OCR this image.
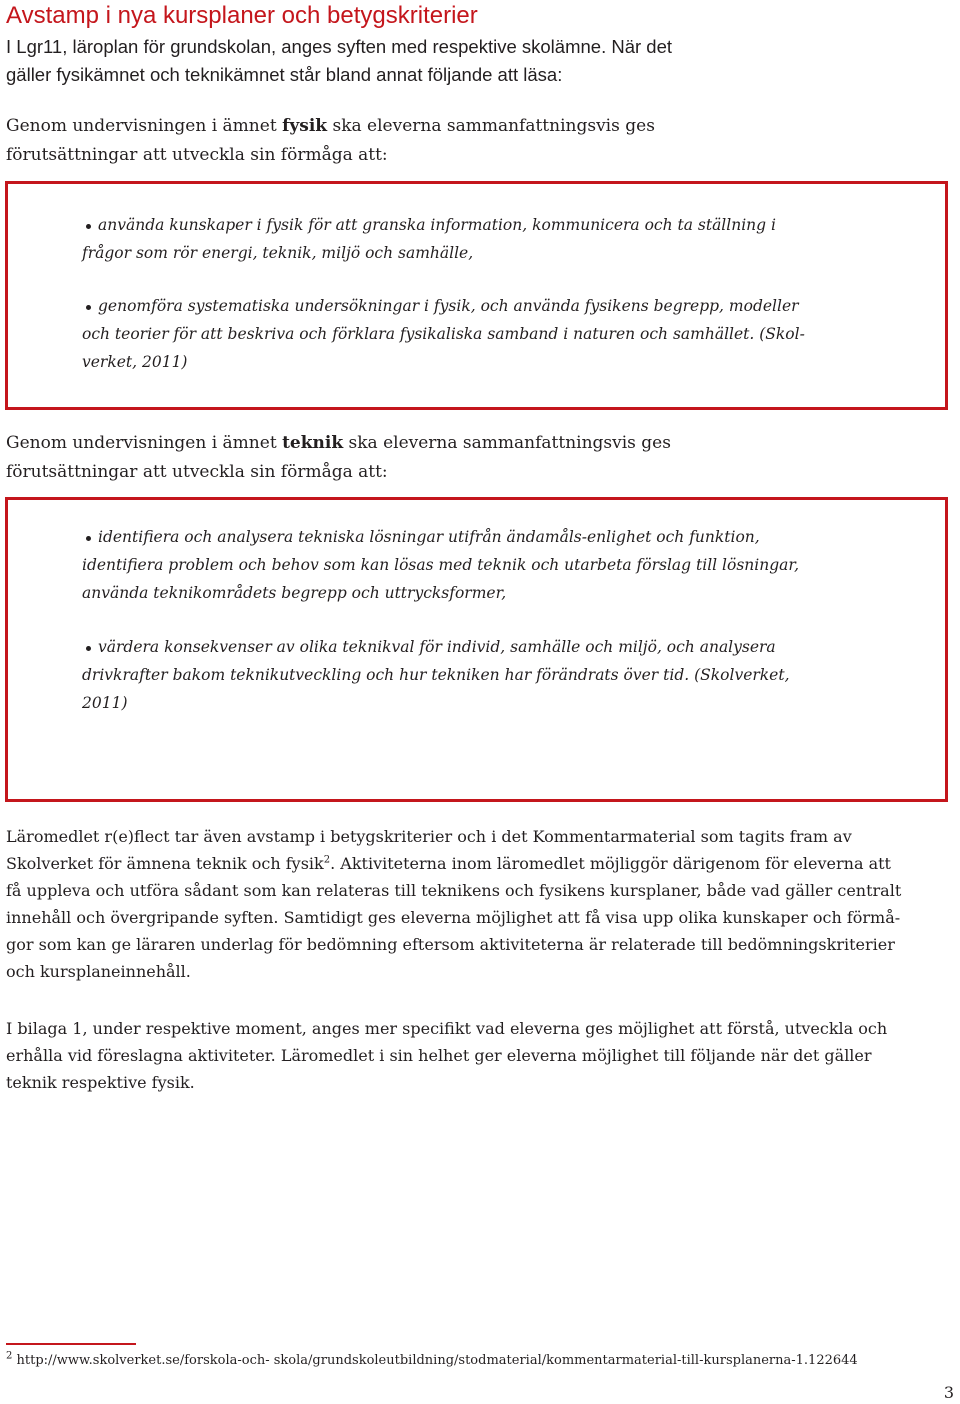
Avstamp i nya kursplaner och betygskriterier

I Lgr11, läroplan för grundskolan, anges syften med respektive skolämne. När det
gäller fysikämnet och teknikämnet står bland annat följande att läsa:

Genom undervisningen i ämnet fysik ska eleverna sammanfattningsvis ges
förutsättningar att utveckla sin förmåga att:

använda kunskaper i fysik för att granska information, kommunicera och ta ställning i
frågor som rör energi, teknik, miljö och samhälle,
genomföra systematiska undersökningar i fysik, och använda fysikens begrepp, modeller
och teorier för att beskriva och förklara fysikaliska samband i naturen och samhället. (Skol-
verket, 2011)

Genom undervisningen i ämnet teknik ska eleverna sammanfattningsvis ges
förutsättningar att utveckla sin förmåga att:

identifiera och analysera tekniska lösningar utifrån ändamåls-enlighet och funktion,
identifiera problem och behov som kan lösas med teknik och utarbeta förslag till lösningar,
använda teknikområdets begrepp och uttrycksformer,
värdera konsekvenser av olika teknikval för individ, samhälle och miljö, och analysera
drivkrafter bakom teknikutveckling och hur tekniken har förändrats över tid. (Skolverket,
2011)

Läromedlet r(e)flect tar även avstamp i betygskriterier och i det Kommentarmaterial som tagits fram av
Skolverket för ämnena teknik och fysik$^2$. Aktiviteterna inom läromedlet möjliggör därigenom för eleverna att
få uppleva och utföra sådant som kan relateras till teknikens och fysikens kursplaner, både vad gäller centralt
innehåll och övergripande syften. Samtidigt ges eleverna möjlighet att få visa upp olika kunskaper och förmå-
gor som kan ge läraren underlag för bedömning eftersom aktiviteterna är relaterade till bedömningskriterier
och kursplaneinnehåll.

I bilaga 1, under respektive moment, anges mer specifikt vad eleverna ges möjlighet att förstå, utveckla och
erhålla vid föreslagna aktiviteter. Läromedlet i sin helhet ger eleverna möjlighet till följande när det gäller
teknik respektive fysik.

$^2$ http://www.skolverket.se/forskola-och- skola/grundskoleutbildning/stodmaterial/kommentarmaterial-till-kursplanerna-1.122644

3
